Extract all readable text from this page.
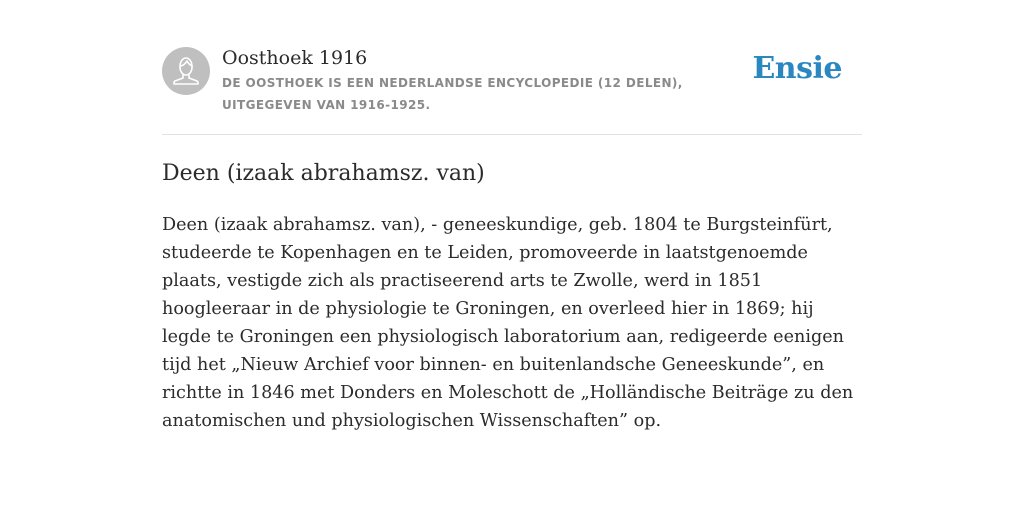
Oosthoek 1916
DE OOSTHOEK IS EEN NEDERLANDSE ENCYCLOPEDIE (12 DELEN), UITGEGEVEN VAN 1916-1925.
Ensie
Deen (izaak abrahamsz. van)

Deen (izaak abrahamsz. van), - geneeskundige, geb. 1804 te Burgsteinfürt, studeerde te Kopenhagen en te Leiden, promoveerde in laatstgenoemde plaats, vestigde zich als practiseerend arts te Zwolle, werd in 1851 hoogleeraar in de physiologie te Groningen, en overleed hier in 1869; hij legde te Groningen een physiologisch laboratorium aan, redigeerde eenigen tijd het „Nieuw Archief voor binnen- en buitenlandsche Geneeskunde”, en richtte in 1846 met Donders en Moleschott de „Holländische Beiträge zu den anatomischen und physiologischen Wissenschaften” op.
